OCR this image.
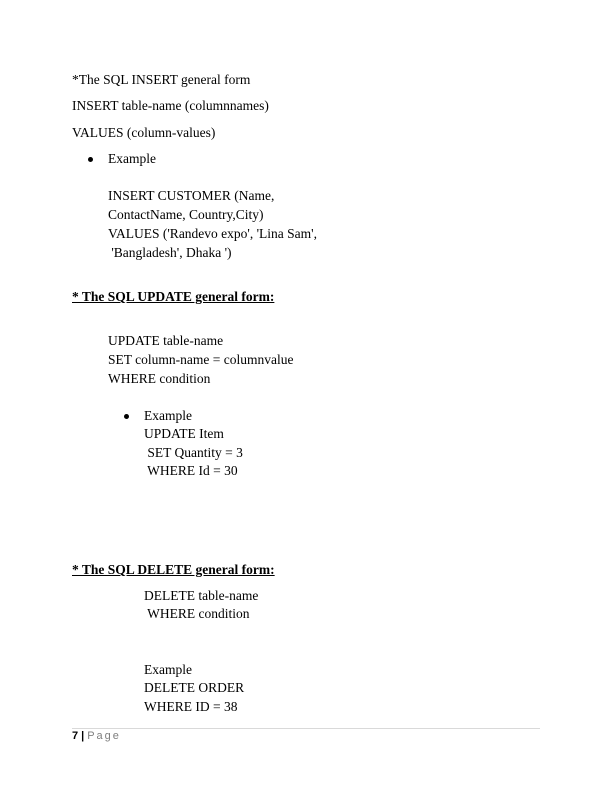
*The SQL INSERT general form
INSERT table-name (columnnames)
VALUES (column-values)
Example
INSERT CUSTOMER (Name,
ContactName, Country,City)
VALUES ('Randevo expo', 'Lina Sam',
'Bangladesh', Dhaka ')
* The SQL UPDATE general form:
UPDATE table-name
SET column-name = columnvalue
WHERE condition
Example
UPDATE Item
SET Quantity = 3
WHERE Id = 30
* The SQL DELETE general form:
DELETE table-name
WHERE condition
Example
DELETE ORDER
WHERE ID = 38
7 | Page
